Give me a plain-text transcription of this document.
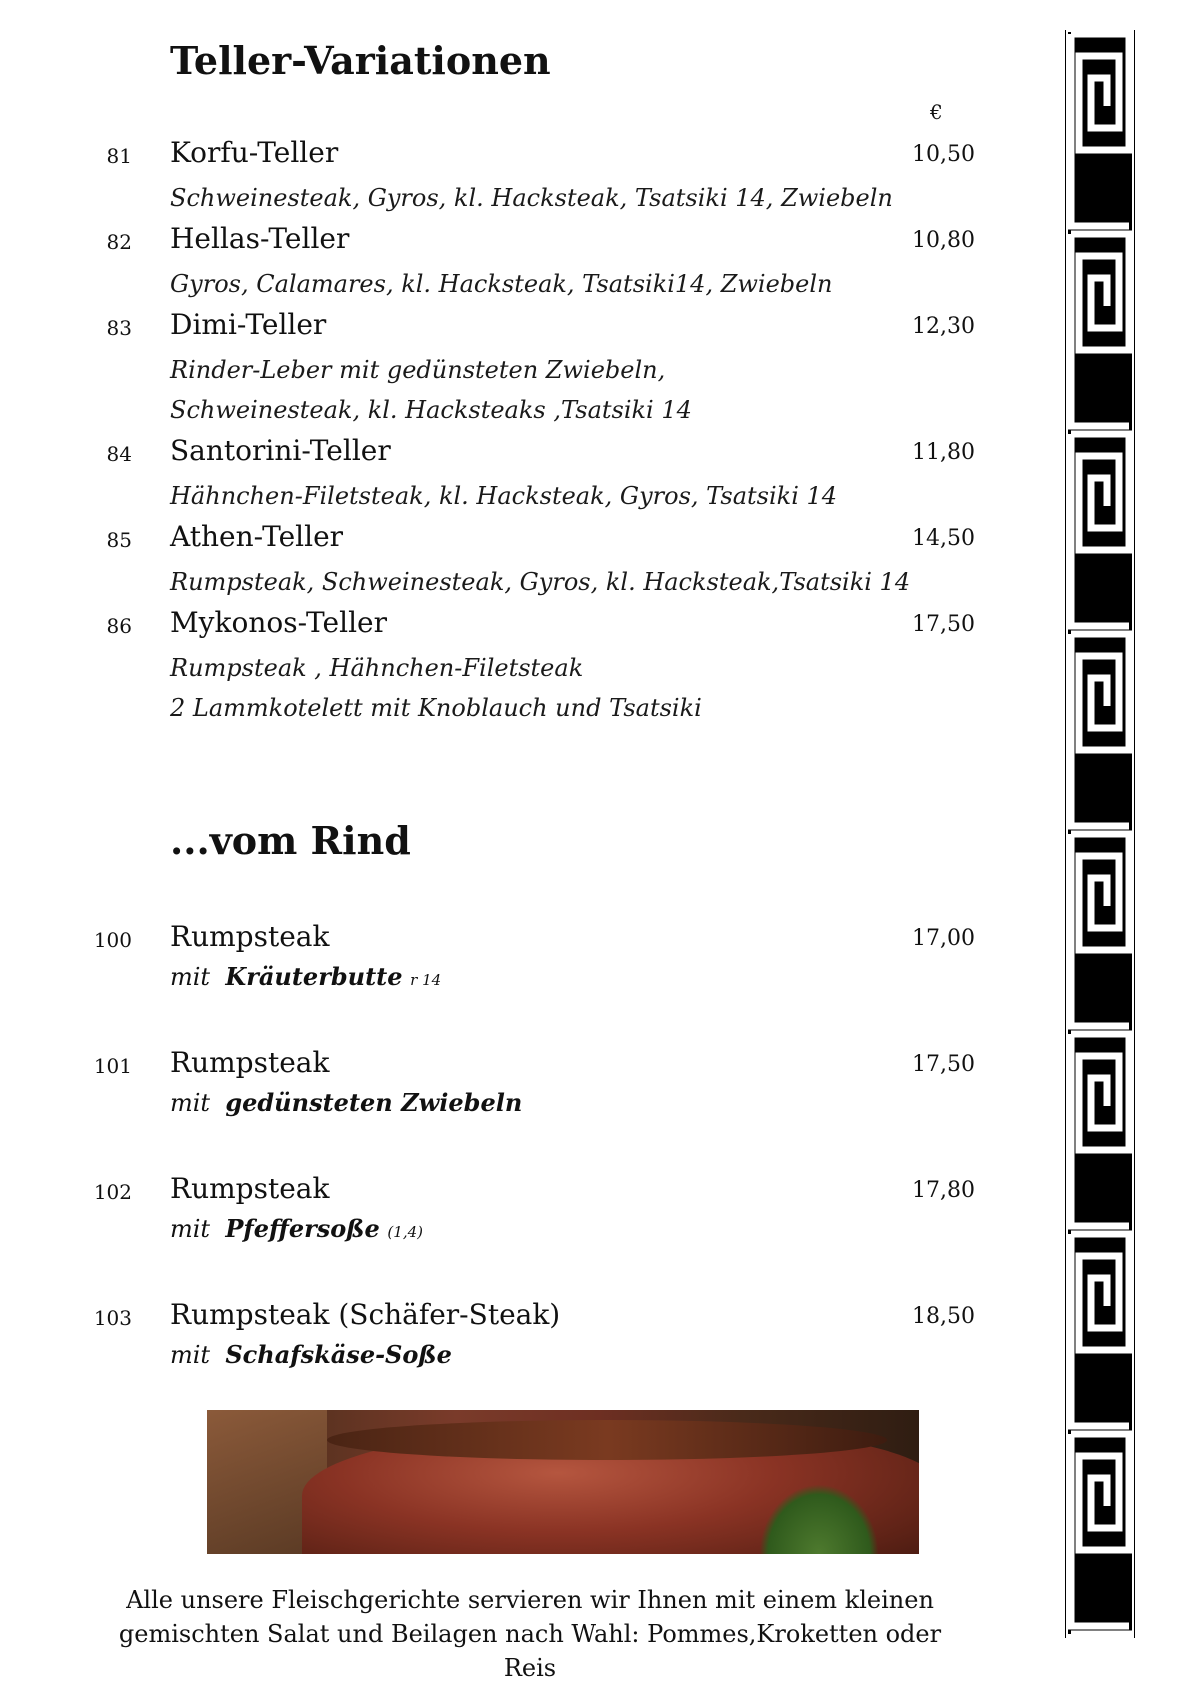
Teller-Variationen
€
81 Korfu-Teller	10,50
Schweinesteak, Gyros, kl. Hacksteak, Tsatsiki 14, Zwiebeln
82 Hellas-Teller	10,80
Gyros, Calamares, kl. Hacksteak, Tsatsiki14, Zwiebeln
83 Dimi-Teller	12,30
Rinder-Leber mit gedünsteten Zwiebeln,
Schweinesteak, kl. Hacksteaks ,Tsatsiki 14
84 Santorini-Teller	11,80
Hähnchen-Filetsteak, kl. Hacksteak, Gyros, Tsatsiki 14
85 Athen-Teller	14,50
Rumpsteak, Schweinesteak, Gyros, kl. Hacksteak,Tsatsiki 14
86 Mykonos-Teller	17,50
Rumpsteak , Hähnchen-Filetsteak
2 Lammkotelett mit Knoblauch und Tsatsiki
...vom Rind
100 Rumpsteak	17,00
mit Kräuterbutte r 14
101 Rumpsteak	17,50
mit gedünsteten Zwiebeln
102 Rumpsteak	17,80
mit Pfeffersoße (1,4)
103 Rumpsteak (Schäfer-Steak)	18,50
mit Schafskäse-Soße
Alle unsere Fleischgerichte servieren wir Ihnen mit einem kleinen
gemischten Salat und Beilagen nach Wahl: Pommes,Kroketten oder Reis
